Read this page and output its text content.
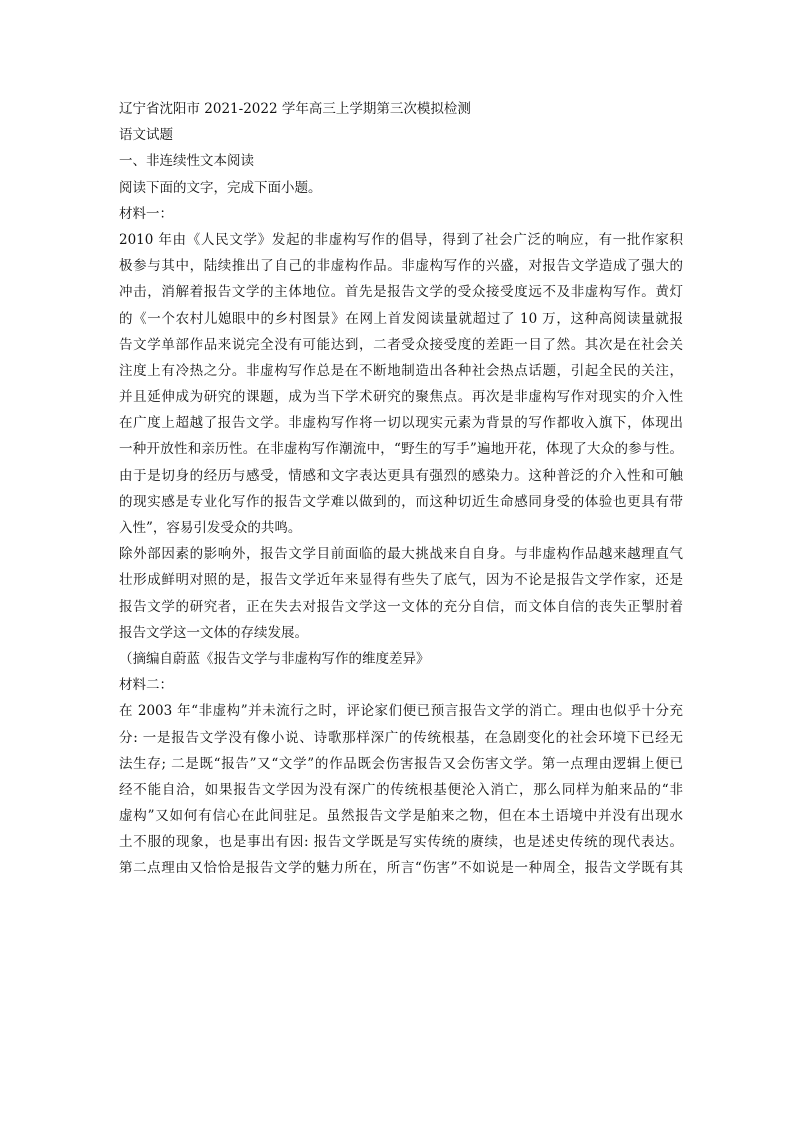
辽宁省沈阳市 2021-2022 学年高三上学期第三次模拟检测
语文试题
一、非连续性文本阅读
阅读下面的文字，完成下面小题。
材料一：
2010 年由《人民文学》发起的非虚构写作的倡导，得到了社会广泛的响应，有一批作家积
极参与其中，陆续推出了自己的非虚构作品。非虚构写作的兴盛，对报告文学造成了强大的
冲击，消解着报告文学的主体地位。首先是报告文学的受众接受度远不及非虚构写作。黄灯
的《一个农村儿媳眼中的乡村图景》在网上首发阅读量就超过了 10 万，这种高阅读量就报
告文学单部作品来说完全没有可能达到，二者受众接受度的差距一目了然。其次是在社会关
注度上有冷热之分。非虚构写作总是在不断地制造出各种社会热点话题，引起全民的关注，
并且延伸成为研究的课题，成为当下学术研究的聚焦点。再次是非虚构写作对现实的介入性
在广度上超越了报告文学。非虚构写作将一切以现实元素为背景的写作都收入旗下，体现出
一种开放性和亲历性。在非虚构写作潮流中，“野生的写手”遍地开花，体现了大众的参与性。
由于是切身的经历与感受，情感和文字表达更具有强烈的感染力。这种普泛的介入性和可触
的现实感是专业化写作的报告文学难以做到的，而这种切近生命感同身受的体验也更具有带
入性”，容易引发受众的共鸣。
除外部因素的影响外，报告文学目前面临的最大挑战来自自身。与非虚构作品越来越理直气
壮形成鲜明对照的是，报告文学近年来显得有些失了底气，因为不论是报告文学作家，还是
报告文学的研究者，正在失去对报告文学这一文体的充分自信，而文体自信的丧失正掣肘着
报告文学这一文体的存续发展。
（摘编自蔚蓝《报告文学与非虚构写作的维度差异》
材料二：
在 2003 年“非虚构”并未流行之时，评论家们便已预言报告文学的消亡。理由也似乎十分充
分: 一是报告文学没有像小说、诗歌那样深广的传统根基，在急剧变化的社会环境下已经无
法生存; 二是既“报告”又“文学”的作品既会伤害报告又会伤害文学。第一点理由逻辑上便已
经不能自洽，如果报告文学因为没有深广的传统根基便沦入消亡，那么同样为舶来品的“非
虚构”又如何有信心在此间驻足。虽然报告文学是舶来之物，但在本土语境中并没有出现水
土不服的现象，也是事出有因: 报告文学既是写实传统的赓续，也是述史传统的现代表达。
第二点理由又恰恰是报告文学的魅力所在，所言“伤害”不如说是一种周全，报告文学既有其
